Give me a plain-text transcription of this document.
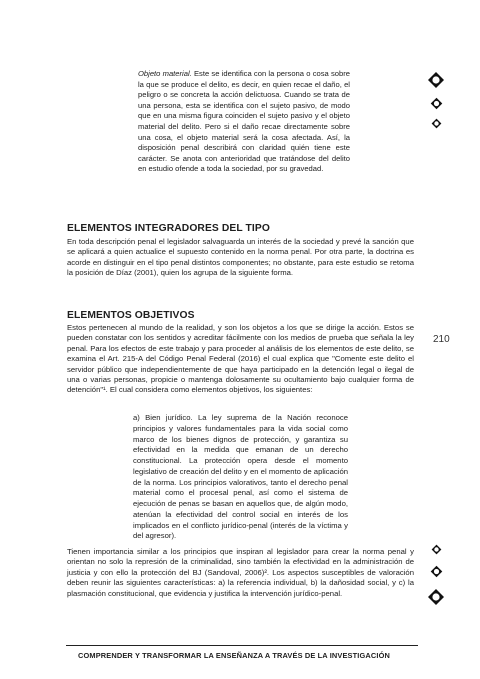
Objeto material. Este se identifica con la persona o cosa sobre la que se produce el delito, es decir, en quien recae el daño, el peligro o se concreta la acción delictuosa. Cuando se trata de una persona, esta se identifica con el sujeto pasivo, de modo que en una misma figura coinciden el sujeto pasivo y el objeto material del delito. Pero si el daño recae directamente sobre una cosa, el objeto material será la cosa afectada. Así, la disposición penal describirá con claridad quién tiene este carácter. Se anota con anterioridad que tratándose del delito en estudio ofende a toda la sociedad, por su gravedad.
ELEMENTOS INTEGRADORES DEL TIPO
En toda descripción penal el legislador salvaguarda un interés de la sociedad y prevé la sanción que se aplicará a quien actualice el supuesto contenido en la norma penal. Por otra parte, la doctrina es acorde en distinguir en el tipo penal distintos componentes; no obstante, para este estudio se retoma la posición de Díaz (2001), quien los agrupa de la siguiente forma.
ELEMENTOS OBJETIVOS
Estos pertenecen al mundo de la realidad, y son los objetos a los que se dirige la acción. Estos se pueden constatar con los sentidos y acreditar fácilmente con los medios de prueba que señala la ley penal. Para los efectos de este trabajo y para proceder al análisis de los elementos de este delito, se examina el Art. 215-A del Código Penal Federal (2016) el cual explica que "Comente este delito el servidor público que independientemente de que haya participado en la detención legal o ilegal de una o varias personas, propicie o mantenga dolosamente su ocultamiento bajo cualquier forma de detención"¹. El cual considera como elementos objetivos, los siguientes:
a) Bien jurídico. La ley suprema de la Nación reconoce principios y valores fundamentales para la vida social como marco de los bienes dignos de protección, y garantiza su efectividad en la medida que emanan de un derecho constitucional. La protección opera desde el momento legislativo de creación del delito y en el momento de aplicación de la norma. Los principios valorativos, tanto el derecho penal material como el procesal penal, así como el sistema de ejecución de penas se basan en aquellos que, de algún modo, atenúan la efectividad del control social en interés de los implicados en el conflicto jurídico-penal (interés de la víctima y del agresor).
Tienen importancia similar a los principios que inspiran al legislador para crear la norma penal y orientan no solo la represión de la criminalidad, sino también la efectividad en la administración de justicia y con ello la protección del BJ (Sandoval, 2006)². Los aspectos susceptibles de valoración deben reunir las siguientes características: a) la referencia individual, b) la dañosidad social, y c) la plasmación constitucional, que evidencia y justifica la intervención jurídico-penal.
210
COMPRENDER Y TRANSFORMAR LA ENSEÑANZA A TRAVÉS DE LA INVESTIGACIÓN
